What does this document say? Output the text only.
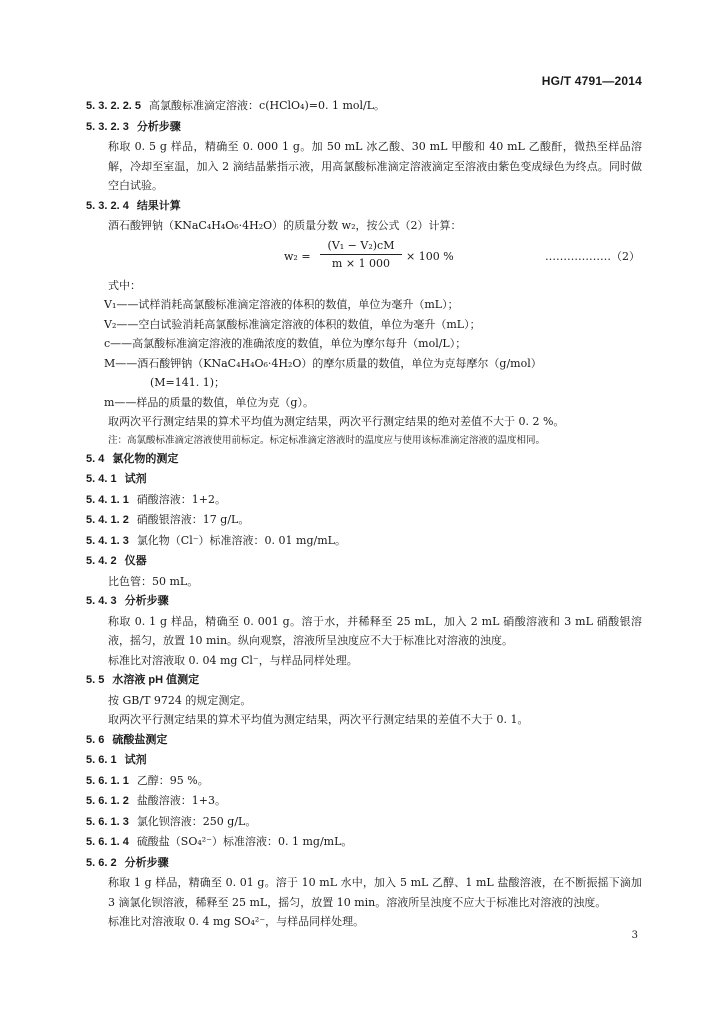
HG/T 4791—2014
5. 3. 2. 2. 5 高氯酸标准滴定溶液：c(HClO₄)=0. 1 mol/L。
5. 3. 2. 3 分析步骤
称取 0. 5 g 样品，精确至 0. 000 1 g。加 50 mL 冰乙酸、30 mL 甲酸和 40 mL 乙酸酐，微热至样品溶解，冷却至室温，加入 2 滴结晶紫指示液，用高氯酸标准滴定溶液滴定至溶液由紫色变成绿色为终点。同时做空白试验。
5. 3. 2. 4 结果计算
酒石酸钾钠（KNaC₄H₄O₆·4H₂O）的质量分数 w₂，按公式（2）计算：
$w_2 = \frac{\text{(V₁ − V₂)cM}}{m \times 1 000} \times 100$ %	………………（2）
式中：
V₁——试样消耗高氯酸标准滴定溶液的体积的数值，单位为毫升（mL）；
V₂——空白试验消耗高氯酸标准滴定溶液的体积的数值，单位为毫升（mL）；
c——高氯酸标准滴定溶液的准确浓度的数值，单位为摩尔每升（mol/L）；
M——酒石酸钾钠（KNaC₄H₄O₆·4H₂O）的摩尔质量的数值，单位为克每摩尔（g/mol）
(M=141. 1)；
m——样品的质量的数值，单位为克（g）。
取两次平行测定结果的算术平均值为测定结果，两次平行测定结果的绝对差值不大于 0. 2 %。
注：高氯酸标准滴定溶液使用前标定。标定标准滴定溶液时的温度应与使用该标准滴定溶液的温度相同。
5. 4 氯化物的测定
5. 4. 1 试剂
5. 4. 1. 1 硝酸溶液：1+2。
5. 4. 1. 2 硝酸银溶液：17 g/L。
5. 4. 1. 3 氯化物（Cl⁻）标准溶液：0. 01 mg/mL。
5. 4. 2 仪器
比色管：50 mL。
5. 4. 3 分析步骤
称取 0. 1 g 样品，精确至 0. 001 g。溶于水，并稀释至 25 mL，加入 2 mL 硝酸溶液和 3 mL 硝酸银溶液，摇匀，放置 10 min。纵向观察，溶液所呈浊度应不大于标准比对溶液的浊度。
标准比对溶液取 0. 04 mg Cl⁻，与样品同样处理。
5. 5 水溶液 pH 值测定
按 GB/T 9724 的规定测定。
取两次平行测定结果的算术平均值为测定结果，两次平行测定结果的差值不大于 0. 1。
5. 6 硫酸盐测定
5. 6. 1 试剂
5. 6. 1. 1 乙醇：95 %。
5. 6. 1. 2 盐酸溶液：1+3。
5. 6. 1. 3 氯化钡溶液：250 g/L。
5. 6. 1. 4 硫酸盐（SO₄²⁻）标准溶液：0. 1 mg/mL。
5. 6. 2 分析步骤
称取 1 g 样品，精确至 0. 01 g。溶于 10 mL 水中，加入 5 mL 乙醇、1 mL 盐酸溶液，在不断振摇下滴加 3 滴氯化钡溶液，稀释至 25 mL，摇匀，放置 10 min。溶液所呈浊度不应大于标准比对溶液的浊度。
标准比对溶液取 0. 4 mg SO₄²⁻，与样品同样处理。
3
